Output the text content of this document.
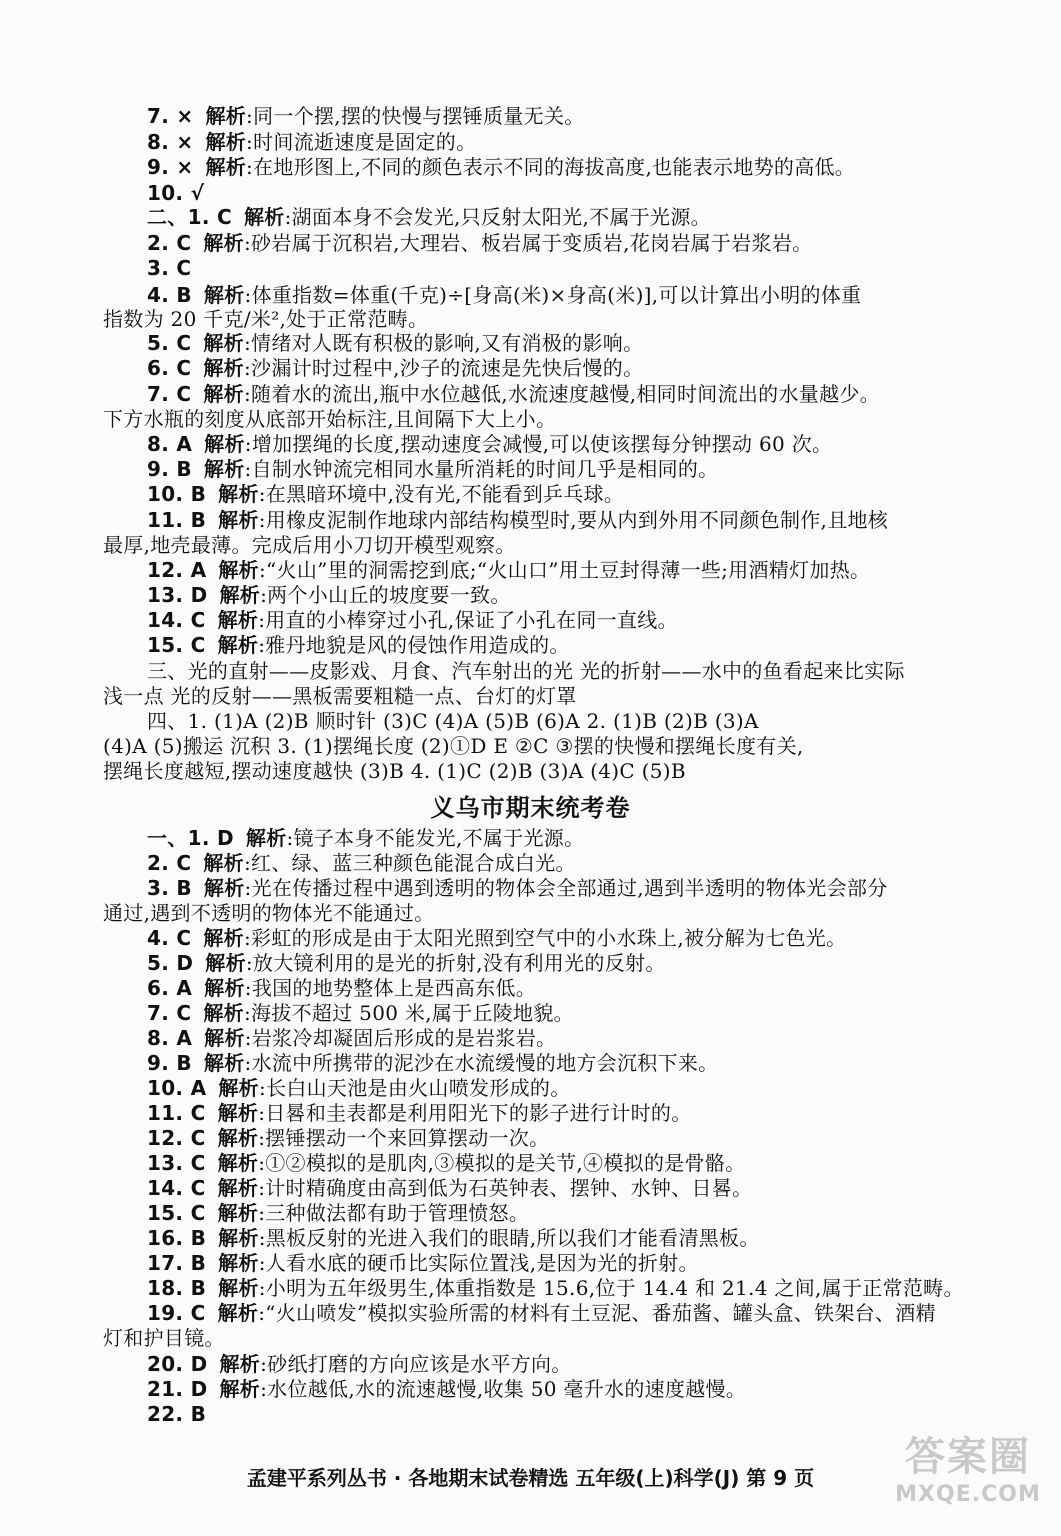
7. × 解析:同一个摆,摆的快慢与摆锤质量无关。
8. × 解析:时间流逝速度是固定的。
9. × 解析:在地形图上,不同的颜色表示不同的海拔高度,也能表示地势的高低。
10. √
二、1. C 解析:湖面本身不会发光,只反射太阳光,不属于光源。
2. C 解析:砂岩属于沉积岩,大理岩、板岩属于变质岩,花岗岩属于岩浆岩。
3. C
4. B 解析:体重指数=体重(千克)÷[身高(米)×身高(米)],可以计算出小明的体重
指数为 20 千克/米²,处于正常范畴。
5. C 解析:情绪对人既有积极的影响,又有消极的影响。
6. C 解析:沙漏计时过程中,沙子的流速是先快后慢的。
7. C 解析:随着水的流出,瓶中水位越低,水流速度越慢,相同时间流出的水量越少。
下方水瓶的刻度从底部开始标注,且间隔下大上小。
8. A 解析:增加摆绳的长度,摆动速度会减慢,可以使该摆每分钟摆动 60 次。
9. B 解析:自制水钟流完相同水量所消耗的时间几乎是相同的。
10. B 解析:在黑暗环境中,没有光,不能看到乒乓球。
11. B 解析:用橡皮泥制作地球内部结构模型时,要从内到外用不同颜色制作,且地核
最厚,地壳最薄。完成后用小刀切开模型观察。
12. A 解析:“火山”里的洞需挖到底;“火山口”用土豆封得薄一些;用酒精灯加热。
13. D 解析:两个小山丘的坡度要一致。
14. C 解析:用直的小棒穿过小孔,保证了小孔在同一直线。
15. C 解析:雅丹地貌是风的侵蚀作用造成的。
三、光的直射——皮影戏、月食、汽车射出的光 光的折射——水中的鱼看起来比实际
浅一点 光的反射——黑板需要粗糙一点、台灯的灯罩
四、1. (1)A (2)B 顺时针 (3)C (4)A (5)B (6)A 2. (1)B (2)B (3)A
(4)A (5)搬运 沉积 3. (1)摆绳长度 (2)①D E ②C ③摆的快慢和摆绳长度有关,
摆绳长度越短,摆动速度越快 (3)B 4. (1)C (2)B (3)A (4)C (5)B
义乌市期末统考卷
一、1. D 解析:镜子本身不能发光,不属于光源。
2. C 解析:红、绿、蓝三种颜色能混合成白光。
3. B 解析:光在传播过程中遇到透明的物体会全部通过,遇到半透明的物体光会部分
通过,遇到不透明的物体光不能通过。
4. C 解析:彩虹的形成是由于太阳光照到空气中的小水珠上,被分解为七色光。
5. D 解析:放大镜利用的是光的折射,没有利用光的反射。
6. A 解析:我国的地势整体上是西高东低。
7. C 解析:海拔不超过 500 米,属于丘陵地貌。
8. A 解析:岩浆冷却凝固后形成的是岩浆岩。
9. B 解析:水流中所携带的泥沙在水流缓慢的地方会沉积下来。
10. A 解析:长白山天池是由火山喷发形成的。
11. C 解析:日晷和圭表都是利用阳光下的影子进行计时的。
12. C 解析:摆锤摆动一个来回算摆动一次。
13. C 解析:①②模拟的是肌肉,③模拟的是关节,④模拟的是骨骼。
14. C 解析:计时精确度由高到低为石英钟表、摆钟、水钟、日晷。
15. C 解析:三种做法都有助于管理愤怒。
16. B 解析:黑板反射的光进入我们的眼睛,所以我们才能看清黑板。
17. B 解析:人看水底的硬币比实际位置浅,是因为光的折射。
18. B 解析:小明为五年级男生,体重指数是 15.6,位于 14.4 和 21.4 之间,属于正常范畴。
19. C 解析:“火山喷发”模拟实验所需的材料有土豆泥、番茄酱、罐头盒、铁架台、酒精
灯和护目镜。
20. D 解析:砂纸打磨的方向应该是水平方向。
21. D 解析:水位越低,水的流速越慢,收集 50 毫升水的速度越慢。
22. B
孟建平系列丛书 · 各地期末试卷精选 五年级(上)科学(J) 第 9 页	答案圈
MXQE.COM
